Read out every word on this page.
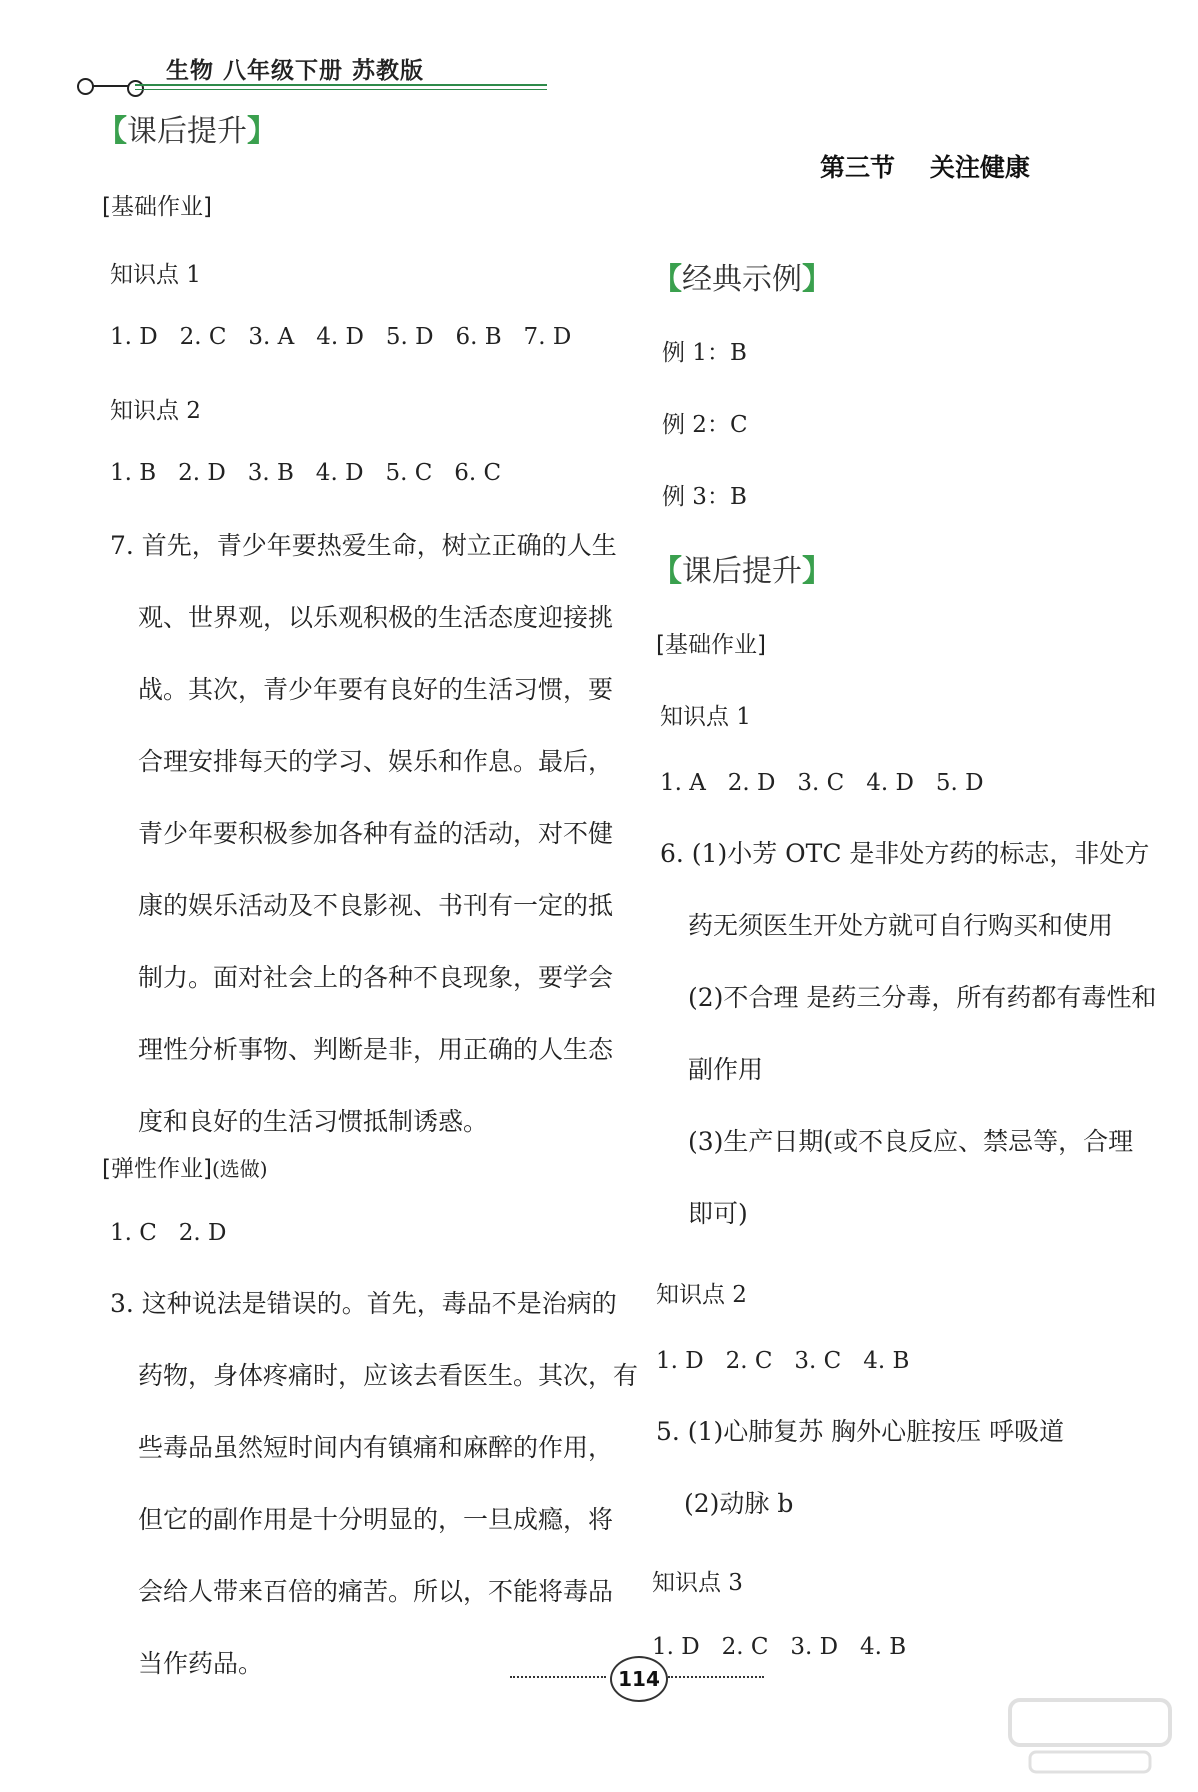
生物 八年级下册 苏教版
【课后提升】
[基础作业]
知识点 1
1. D   2. C   3. A   4. D   5. D   6. B   7. D
知识点 2
1. B   2. D   3. B   4. D   5. C   6. C
7. 首先，青少年要热爱生命，树立正确的人生
观、世界观，以乐观积极的生活态度迎接挑
战。其次，青少年要有良好的生活习惯，要
合理安排每天的学习、娱乐和作息。最后，
青少年要积极参加各种有益的活动，对不健
康的娱乐活动及不良影视、书刊有一定的抵
制力。面对社会上的各种不良现象，要学会
理性分析事物、判断是非，用正确的人生态
度和良好的生活习惯抵制诱惑。
[弹性作业](选做)
1. C   2. D
3. 这种说法是错误的。首先，毒品不是治病的
药物，身体疼痛时，应该去看医生。其次，有
些毒品虽然短时间内有镇痛和麻醉的作用，
但它的副作用是十分明显的，一旦成瘾，将
会给人带来百倍的痛苦。所以，不能将毒品
当作药品。
第三节    关注健康
【经典示例】
例 1：B
例 2：C
例 3：B
【课后提升】
[基础作业]
知识点 1
1. A   2. D   3. C   4. D   5. D
6. (1)小芳 OTC 是非处方药的标志，非处方
药无须医生开处方就可自行购买和使用
(2)不合理 是药三分毒，所有药都有毒性和
副作用
(3)生产日期(或不良反应、禁忌等，合理
即可)
知识点 2
1. D   2. C   3. C   4. B
5. (1)心肺复苏 胸外心脏按压 呼吸道
(2)动脉 b
知识点 3
1. D   2. C   3. D   4. B
114
